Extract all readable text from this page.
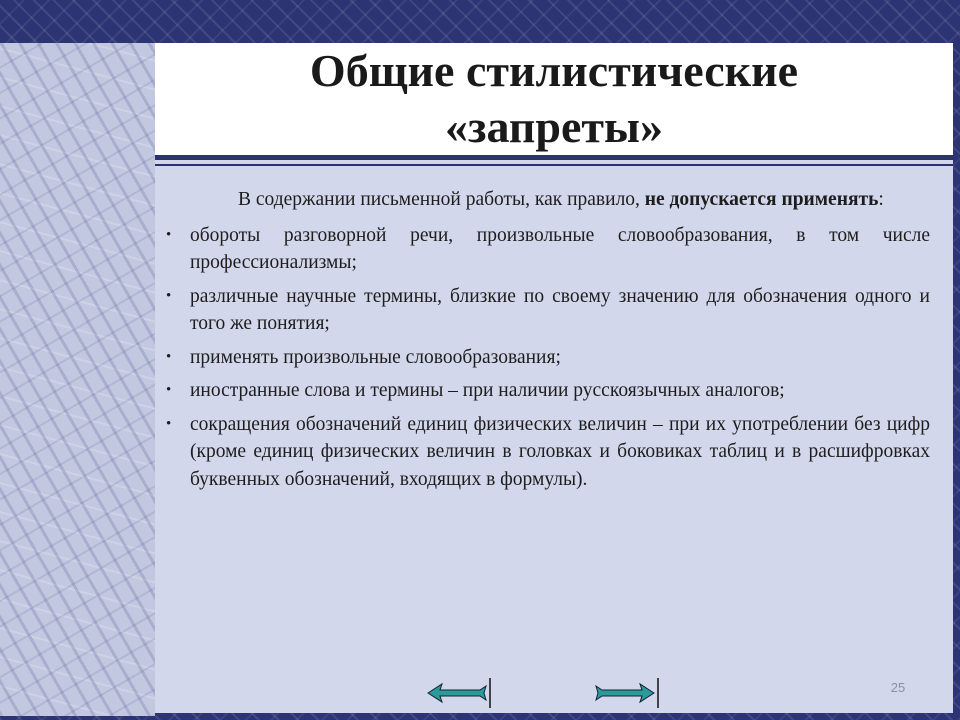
Общие стилистические «запреты»

В содержании письменной работы, как правило, не допускается применять:

• обороты разговорной речи, произвольные словообразования, в том числе профессионализмы;
• различные научные термины, близкие по своему значению для обозначения одного и того же понятия;
• применять произвольные словообразования;
• иностранные слова и термины – при наличии русскоязычных аналогов;
• сокращения обозначений единиц физических величин – при их употреблении без цифр (кроме единиц физических величин в головках и боковиках таблиц и в расшифровках буквенных обозначений, входящих в формулы).
25
